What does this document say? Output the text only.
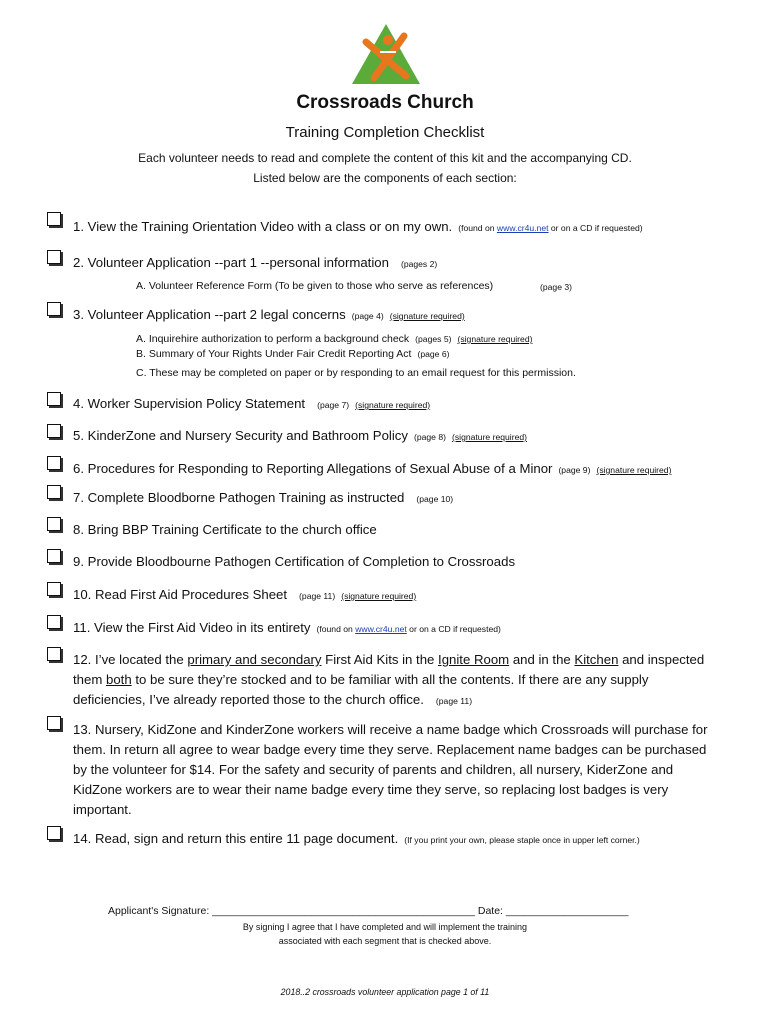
Crossroads Church
Training Completion Checklist
Each volunteer needs to read and complete the content of this kit and the accompanying CD.
Listed below are the components of each section:
1. View the Training Orientation Video with a class or on my own. (found on www.cr4u.net or on a CD if requested)
2. Volunteer Application --part 1 --personal information (pages 2)
A. Volunteer Reference Form (To be given to those who serve as references)	(page 3)
3. Volunteer Application --part 2 legal concerns (page 4) (signature required)
A. Inquirehire authorization to perform a background check (pages 5) (signature required)
B. Summary of Your Rights Under Fair Credit Reporting Act (page 6)
C. These may be completed on paper or by responding to an email request for this permission.
4. Worker Supervision Policy Statement (page 7) (signature required)
5. KinderZone and Nursery Security and Bathroom Policy (page 8) (signature required)
6. Procedures for Responding to Reporting Allegations of Sexual Abuse of a Minor (page 9) (signature required)
7. Complete Bloodborne Pathogen Training as instructed (page 10)
8. Bring BBP Training Certificate to the church office
9. Provide Bloodbourne Pathogen Certification of Completion to Crossroads
10. Read First Aid Procedures Sheet (page 11) (signature required)
11. View the First Aid Video in its entirety (found on www.cr4u.net or on a CD if requested)
12. I’ve located the primary and secondary First Aid Kits in the Ignite Room and in the Kitchen and inspected them both to be sure they’re stocked and to be familiar with all the contents. If there are any supply deficiencies, I’ve already reported those to the church office. (page 11)
13. Nursery, KidZone and KinderZone workers will receive a name badge which Crossroads will purchase for them. In return all agree to wear badge every time they serve. Replacement name badges can be purchased by the volunteer for $14. For the safety and security of parents and children, all nursery, KiderZone and KidZone workers are to wear their name badge every time they serve, so replacing lost badges is very important.
14. Read, sign and return this entire 11 page document. (If you print your own, please staple once in upper left corner.)
Applicant's Signature: _____________________________________________ Date: _____________________
By signing I agree that I have completed and will implement the training
associated with each segment that is checked above.
2018..2 crossroads volunteer application page 1 of 11
